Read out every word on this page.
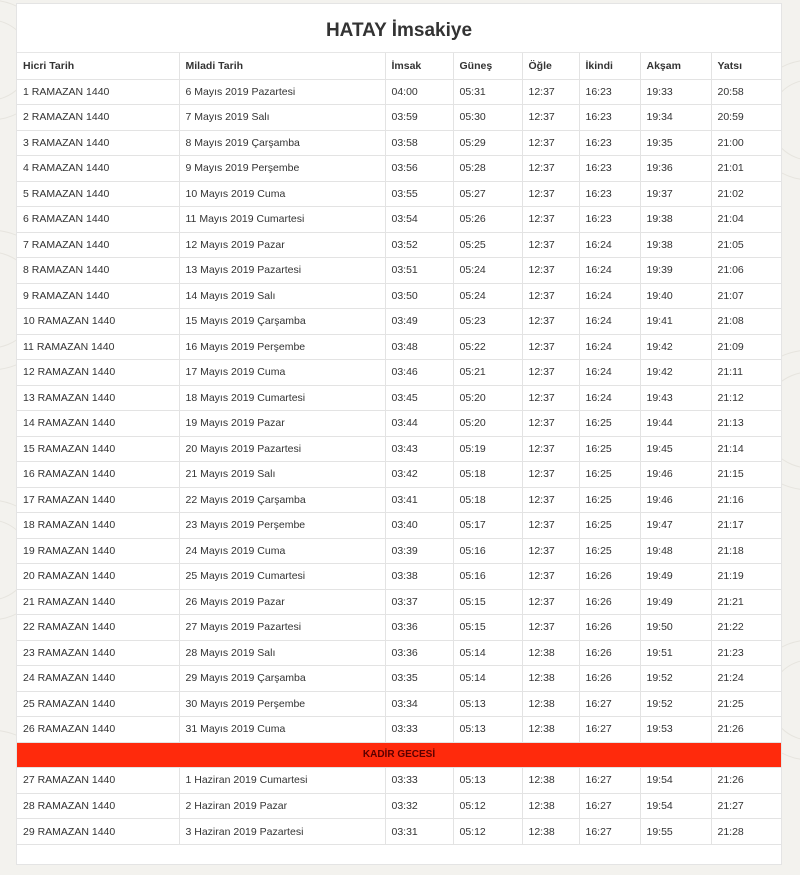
HATAY İmsakiye
Hicri Tarih	Miladi Tarih	İmsak	Güneş	Öğle	İkindi	Akşam	Yatsı
1 RAMAZAN 1440	6 Mayıs 2019 Pazartesi	04:00	05:31	12:37	16:23	19:33	20:58
2 RAMAZAN 1440	7 Mayıs 2019 Salı	03:59	05:30	12:37	16:23	19:34	20:59
3 RAMAZAN 1440	8 Mayıs 2019 Çarşamba	03:58	05:29	12:37	16:23	19:35	21:00
4 RAMAZAN 1440	9 Mayıs 2019 Perşembe	03:56	05:28	12:37	16:23	19:36	21:01
5 RAMAZAN 1440	10 Mayıs 2019 Cuma	03:55	05:27	12:37	16:23	19:37	21:02
6 RAMAZAN 1440	11 Mayıs 2019 Cumartesi	03:54	05:26	12:37	16:23	19:38	21:04
7 RAMAZAN 1440	12 Mayıs 2019 Pazar	03:52	05:25	12:37	16:24	19:38	21:05
8 RAMAZAN 1440	13 Mayıs 2019 Pazartesi	03:51	05:24	12:37	16:24	19:39	21:06
9 RAMAZAN 1440	14 Mayıs 2019 Salı	03:50	05:24	12:37	16:24	19:40	21:07
10 RAMAZAN 1440	15 Mayıs 2019 Çarşamba	03:49	05:23	12:37	16:24	19:41	21:08
11 RAMAZAN 1440	16 Mayıs 2019 Perşembe	03:48	05:22	12:37	16:24	19:42	21:09
12 RAMAZAN 1440	17 Mayıs 2019 Cuma	03:46	05:21	12:37	16:24	19:42	21:11
13 RAMAZAN 1440	18 Mayıs 2019 Cumartesi	03:45	05:20	12:37	16:24	19:43	21:12
14 RAMAZAN 1440	19 Mayıs 2019 Pazar	03:44	05:20	12:37	16:25	19:44	21:13
15 RAMAZAN 1440	20 Mayıs 2019 Pazartesi	03:43	05:19	12:37	16:25	19:45	21:14
16 RAMAZAN 1440	21 Mayıs 2019 Salı	03:42	05:18	12:37	16:25	19:46	21:15
17 RAMAZAN 1440	22 Mayıs 2019 Çarşamba	03:41	05:18	12:37	16:25	19:46	21:16
18 RAMAZAN 1440	23 Mayıs 2019 Perşembe	03:40	05:17	12:37	16:25	19:47	21:17
19 RAMAZAN 1440	24 Mayıs 2019 Cuma	03:39	05:16	12:37	16:25	19:48	21:18
20 RAMAZAN 1440	25 Mayıs 2019 Cumartesi	03:38	05:16	12:37	16:26	19:49	21:19
21 RAMAZAN 1440	26 Mayıs 2019 Pazar	03:37	05:15	12:37	16:26	19:49	21:21
22 RAMAZAN 1440	27 Mayıs 2019 Pazartesi	03:36	05:15	12:37	16:26	19:50	21:22
23 RAMAZAN 1440	28 Mayıs 2019 Salı	03:36	05:14	12:38	16:26	19:51	21:23
24 RAMAZAN 1440	29 Mayıs 2019 Çarşamba	03:35	05:14	12:38	16:26	19:52	21:24
25 RAMAZAN 1440	30 Mayıs 2019 Perşembe	03:34	05:13	12:38	16:27	19:52	21:25
26 RAMAZAN 1440	31 Mayıs 2019 Cuma	03:33	05:13	12:38	16:27	19:53	21:26
KADİR GECESİ							
27 RAMAZAN 1440	1 Haziran 2019 Cumartesi	03:33	05:13	12:38	16:27	19:54	21:26
28 RAMAZAN 1440	2 Haziran 2019 Pazar	03:32	05:12	12:38	16:27	19:54	21:27
29 RAMAZAN 1440	3 Haziran 2019 Pazartesi	03:31	05:12	12:38	16:27	19:55	21:28
